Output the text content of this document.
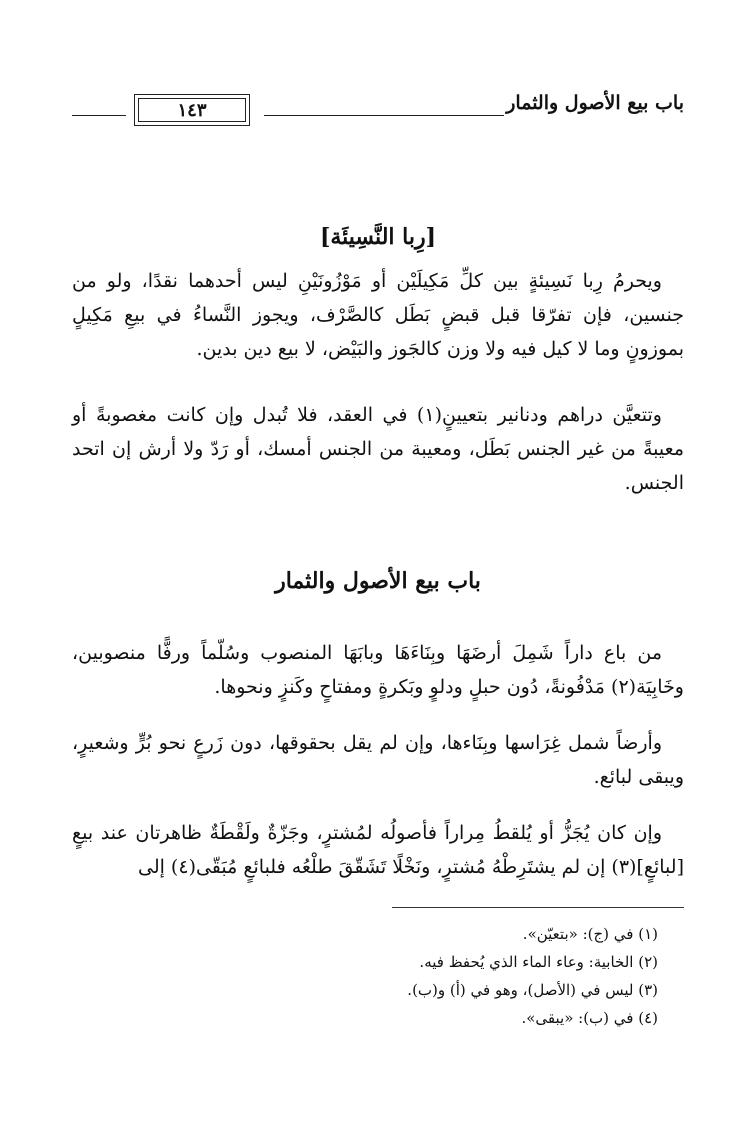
باب بيع الأصول والثمار
١٤٣
[رِبا النَّسِيئَة]

ويحرمُ رِبا نَسِيئةٍ بين كلِّ مَكِيلَيْن أو مَوْزُونَيْنِ ليس أحدهما نقدًا، ولو من جنسين، فإن تفرّقا قبل قبضٍ بَطَل كالصَّرْف، ويجوز النَّساءُ في بيعِ مَكِيلٍ بموزونٍ وما لا كيل فيه ولا وزن كالجَوز والبَيْض، لا بيع دين بدين.

وتتعيَّن دراهم ودنانير بتعيينٍ(١) في العقد، فلا تُبدل وإن كانت مغصوبةً أو معيبةً من غير الجنس بَطَل، ومعيبة من الجنس أمسك، أو رَدّ ولا أرش إن اتحد الجنس.

باب بيع الأصول والثمار

من باع داراً شَمِلَ أرضَهَا وبِنَاءَهَا وبابَهَا المنصوب وسُلّماً ورفًّا منصوبين، وخَابِيَة(٢) مَدْفُونةً، دُون حبلٍ ودلوٍ وبَكرةٍ ومفتاحٍ وكَنزٍ ونحوها.

وأرضاً شمل غِرَاسها وبِنَاءها، وإن لم يقل بحقوقها، دون زَرعٍ نحو بُرٍّ وشعيرٍ، ويبقى لبائع.

وإن كان يُجَزُّ أو يُلقطُ مِراراً فأصولُه لمُشترٍ، وجَزّةٌ ولَقْطَةٌ ظاهرتان عند بيعٍ [لبائعٍ](٣) إن لم يشتَرِطْهُ مُشترٍ، ونَخْلًا تَشَقّقَ طلْعُه فلبائعٍ مُبَقّى(٤) إلى

(١) في (ج): «بتعيّن».
(٢) الخابية: وعاء الماء الذي يُحفظ فيه.
(٣) ليس في (الأصل)، وهو في (أ) و(ب).
(٤) في (ب): «يبقى».
